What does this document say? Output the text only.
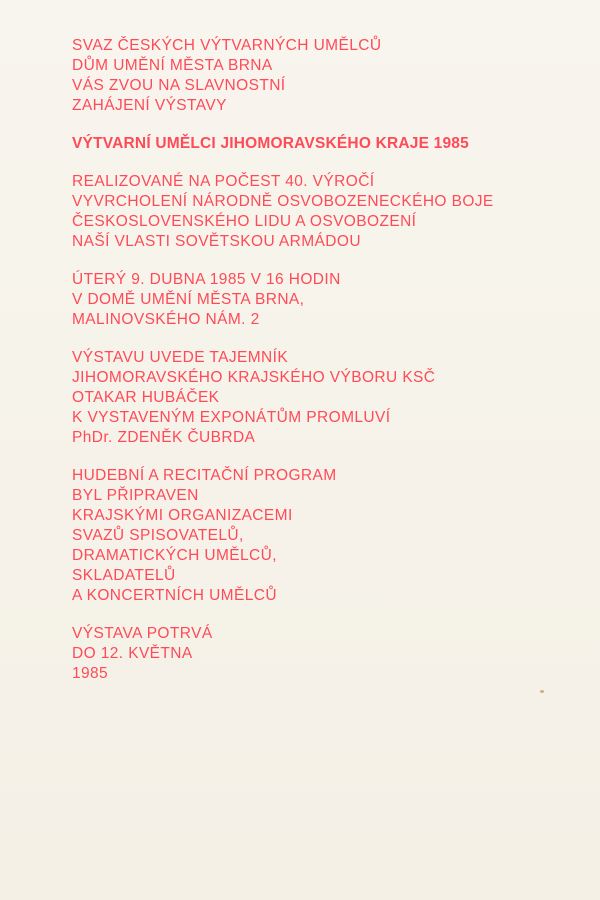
SVAZ ČESKÝCH VÝTVARNÝCH UMĚLCŮ

DŮM UMĚNÍ MĚSTA BRNA

VÁS ZVOU NA SLAVNOSTNÍ

ZAHÁJENÍ VÝSTAVY

VÝTVARNÍ UMĚLCI JIHOMORAVSKÉHO KRAJE 1985

REALIZOVANÉ NA POČEST 40. VÝROČÍ

VYVRCHOLENÍ NÁRODNĚ OSVOBOZENECKÉHO BOJE

ČESKOSLOVENSKÉHO LIDU A OSVOBOZENÍ

NAŠÍ VLASTI SOVĚTSKOU ARMÁDOU

ÚTERÝ 9. DUBNA 1985 V 16 HODIN

V DOMĚ UMĚNÍ MĚSTA BRNA,

MALINOVSKÉHO NÁM. 2

VÝSTAVU UVEDE TAJEMNÍK

JIHOMORAVSKÉHO KRAJSKÉHO VÝBORU KSČ

OTAKAR HUBÁČEK

K VYSTAVENÝM EXPONÁTŮM PROMLUVÍ

PhDr. ZDENĚK ČUBRDA

HUDEBNÍ A RECITAČNÍ PROGRAM

BYL PŘIPRAVEN

KRAJSKÝMI ORGANIZACEMI

SVAZŮ SPISOVATELŮ,

DRAMATICKÝCH UMĚLCŮ,

SKLADATELŮ

A KONCERTNÍCH UMĚLCŮ

VÝSTAVA POTRVÁ

DO 12. KVĚTNA

1985
